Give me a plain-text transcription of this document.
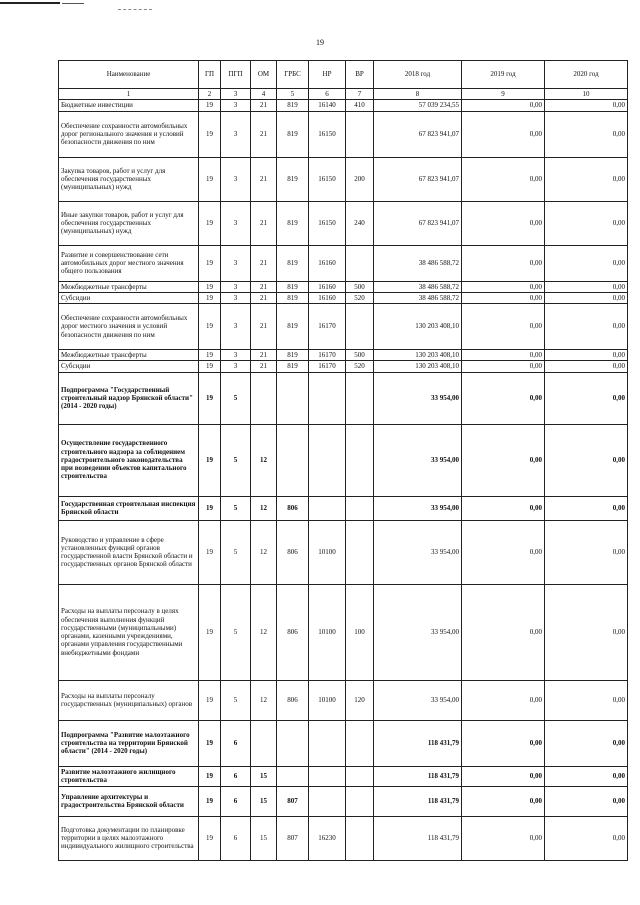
19
Наименование	ГП	ПГП	ОМ	ГРБС	НР	ВР	2018 год	2019 год	2020 год
1	2	3	4	5	6	7	8	9	10
Бюджетные инвестиции	19	3	21	819	16140	410	57 039 234,55	0,00	0,00
Обеспечение сохранности автомобильных дорог регионального значения и условий безопасности движения по ним	19	3	21	819	16150		67 823 941,07	0,00	0,00
Закупка товаров, работ и услуг для обеспечения государственных (муниципальных) нужд	19	3	21	819	16150	200	67 823 941,07	0,00	0,00
Иные закупки товаров, работ и услуг для обеспечения государственных (муниципальных) нужд	19	3	21	819	16150	240	67 823 941,07	0,00	0,00
Развитие и совершенствование сети автомобильных дорог местного значения общего пользования	19	3	21	819	16160		38 486 588,72	0,00	0,00
Межбюджетные трансферты	19	3	21	819	16160	500	38 486 588,72	0,00	0,00
Субсидии	19	3	21	819	16160	520	38 486 588,72	0,00	0,00
Обеспечение сохранности автомобильных дорог местного значения и условий безопасности движения по ним	19	3	21	819	16170		130 203 408,10	0,00	0,00
Межбюджетные трансферты	19	3	21	819	16170	500	130 203 408,10	0,00	0,00
Субсидии	19	3	21	819	16170	520	130 203 408,10	0,00	0,00
Подпрограмма "Государственный строительный надзор Брянской области" (2014 - 2020 годы)	19	5					33 954,00	0,00	0,00
Осуществление государственного строительного надзора за соблюдением градостроительного законодательства при возведении объектов капитального строительства	19	5	12				33 954,00	0,00	0,00
Государственная строительная инспекция Брянской области	19	5	12	806			33 954,00	0,00	0,00
Руководство и управление в сфере установленных функций органов государственной власти Брянской области и государственных органов Брянской области	19	5	12	806	10100		33 954,00	0,00	0,00
Расходы на выплаты персоналу в целях обеспечения выполнения функций государственными (муниципальными) органами, казенными учреждениями, органами управления государственными внебюджетными фондами	19	5	12	806	10100	100	33 954,00	0,00	0,00
Расходы на выплаты персоналу государственных (муниципальных) органов	19	5	12	806	10100	120	33 954,00	0,00	0,00
Подпрограмма "Развитие малоэтажного строительства на территории Брянской области" (2014 - 2020 годы)	19	6					118 431,79	0,00	0,00
Развитие малоэтажного жилищного строительства	19	6	15				118 431,79	0,00	0,00
Управление архитектуры и градостроительства Брянской области	19	6	15	807			118 431,79	0,00	0,00
Подготовка документации по планировке территории в целях малоэтажного индивидуального жилищного строительства	19	6	15	807	16230		118 431,79	0,00	0,00
